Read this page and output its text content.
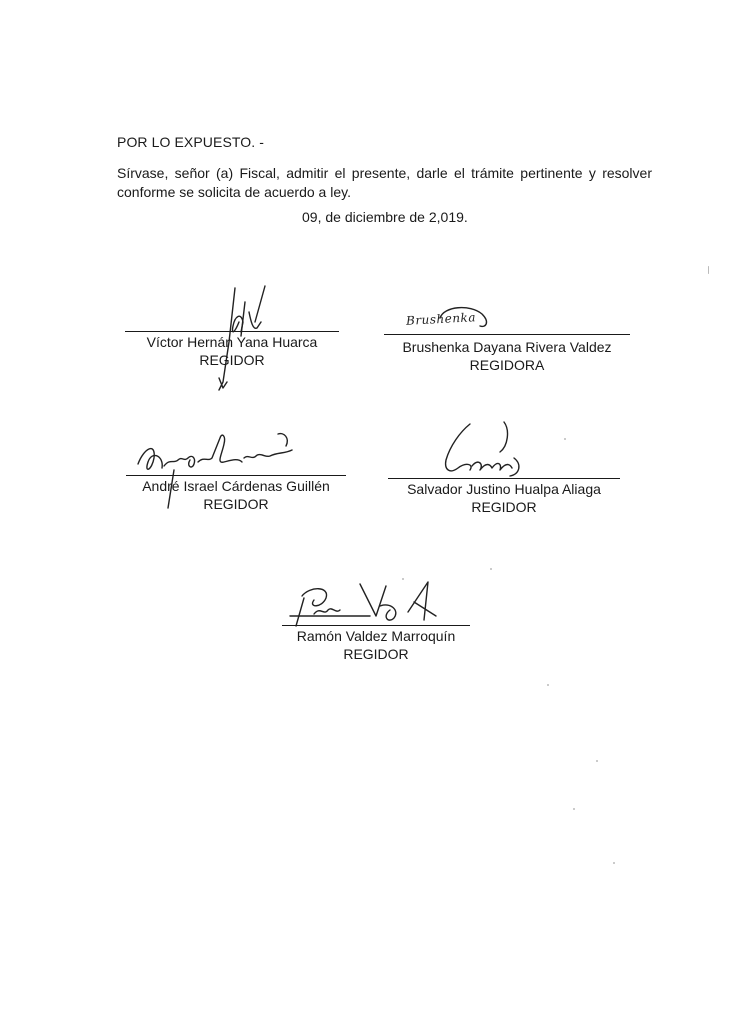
POR LO EXPUESTO. -
Sírvase, señor (a) Fiscal, admitir el presente, darle el trámite pertinente y resolver conforme se solicita de acuerdo a ley.
09, de diciembre de 2,019.
Víctor Hernán Yana Huarca
REGIDOR
Brushenka
Brushenka Dayana Rivera Valdez
REGIDORA
André Israel Cárdenas Guillén
REGIDOR
Salvador Justino Hualpa Aliaga
REGIDOR
Ramón Valdez Marroquín
REGIDOR
